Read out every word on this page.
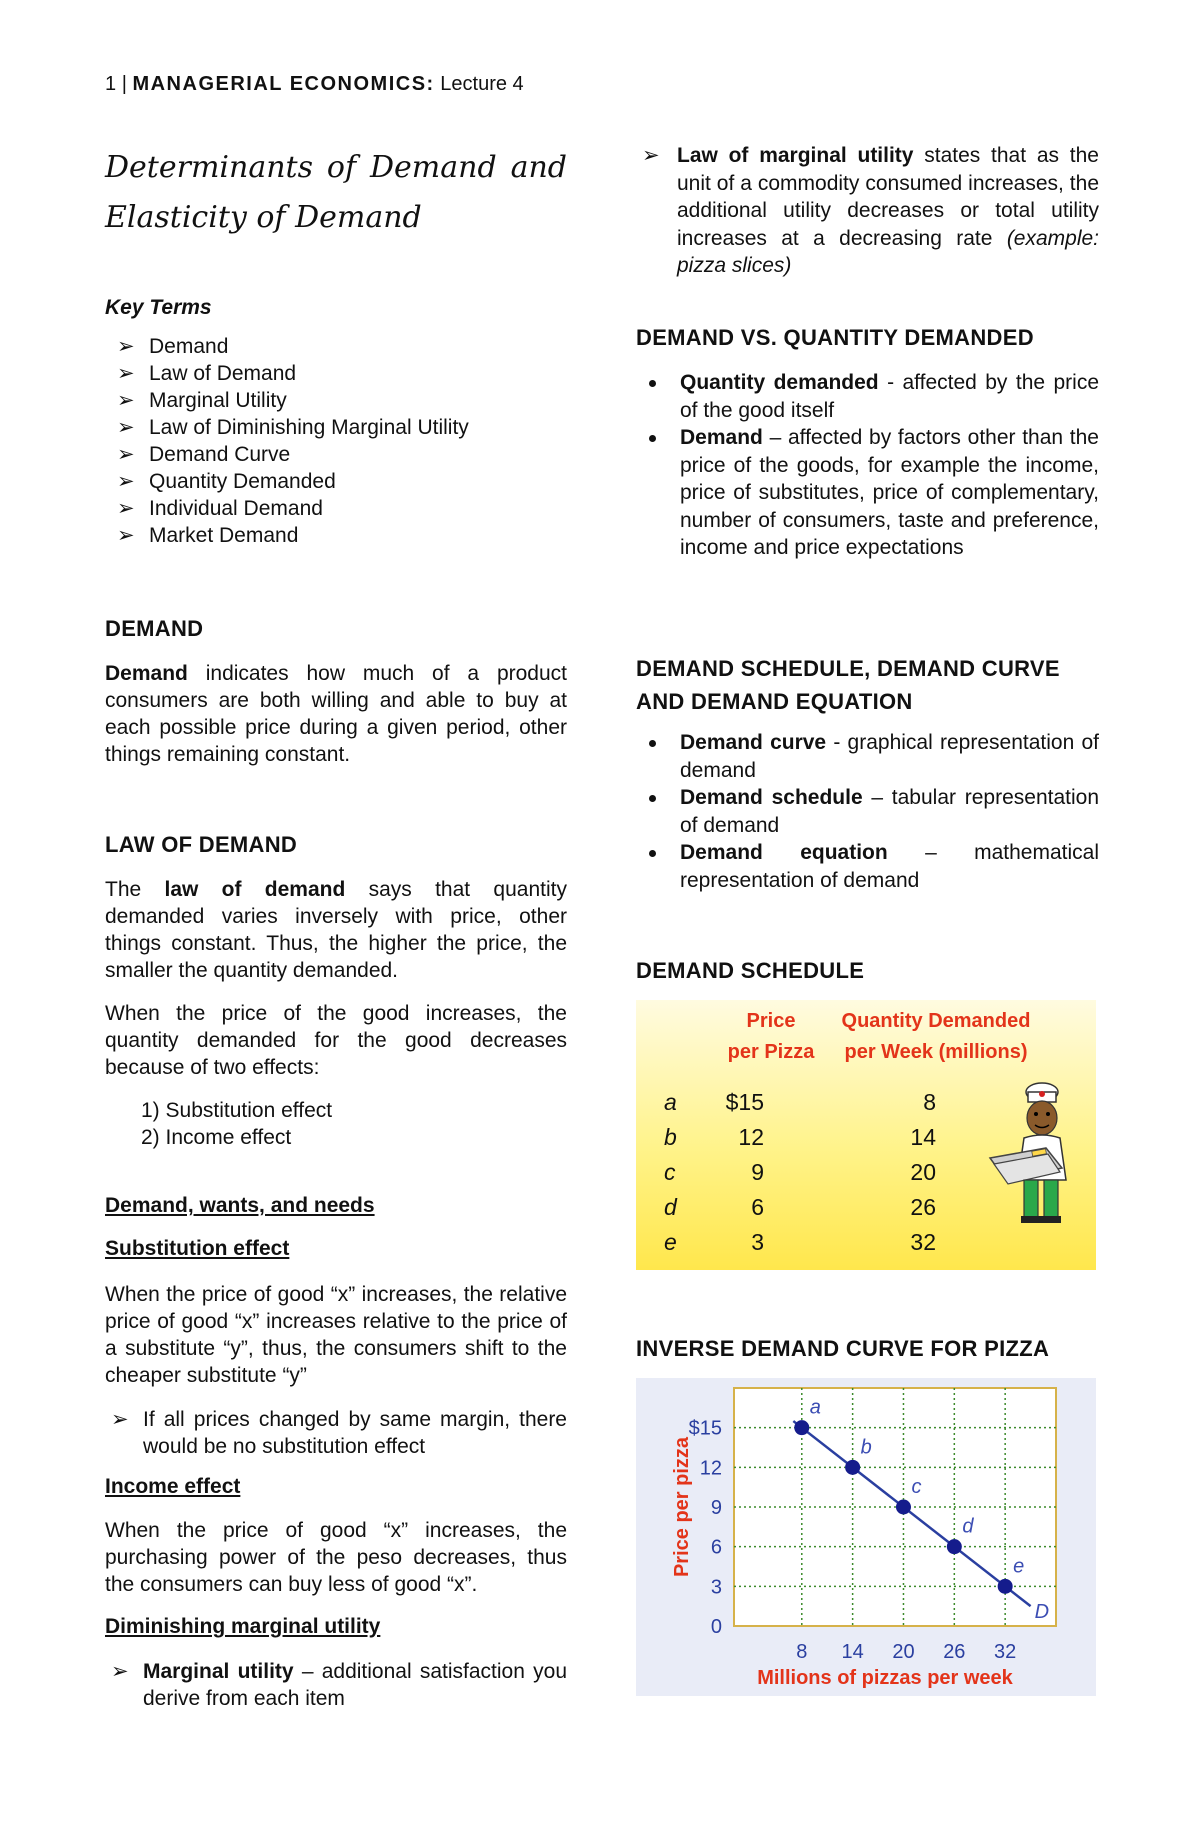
1 | MANAGERIAL ECONOMICS: Lecture 4
Determinants of Demand and
Elasticity of Demand
Key Terms
➢ Demand
➢ Law of Demand
➢ Marginal Utility
➢ Law of Diminishing Marginal Utility
➢ Demand Curve
➢ Quantity Demanded
➢ Individual Demand
➢ Market Demand
DEMAND
Demand indicates how much of a product consumers are both willing and able to buy at each possible price during a given period, other things remaining constant.
LAW OF DEMAND
The law of demand says that quantity demanded varies inversely with price, other things constant. Thus, the higher the price, the smaller the quantity demanded.
When the price of the good increases, the quantity demanded for the good decreases because of two effects:
1) Substitution effect
2) Income effect
Demand, wants, and needs
Substitution effect
When the price of good “x” increases, the relative price of good “x” increases relative to the price of a substitute “y”, thus, the consumers shift to the cheaper substitute “y”
➢ If all prices changed by same margin, there would be no substitution effect
Income effect
When the price of good “x” increases, the purchasing power of the peso decreases, thus the consumers can buy less of good “x”.
Diminishing marginal utility
➢ Marginal utility – additional satisfaction you derive from each item
➢ Law of marginal utility states that as the unit of a commodity consumed increases, the additional utility decreases or total utility increases at a decreasing rate (example: pizza slices)
DEMAND VS. QUANTITY DEMANDED
Quantity demanded - affected by the price of the good itself
Demand – affected by factors other than the price of the goods, for example the income, price of substitutes, price of complementary, number of consumers, taste and preference, income and price expectations
DEMAND SCHEDULE, DEMAND CURVE
AND DEMAND EQUATION
Demand curve - graphical representation of demand
Demand schedule – tabular representation of demand
Demand equation – mathematical representation of demand
DEMAND SCHEDULE
Price
per Pizza
Quantity Demanded
per Week (millions)
a $15	8
b	12	14
c	9	20
d	6	26
e	3	32
INVERSE DEMAND CURVE FOR PIZZA
0
3
6
9
12
$15
8 14 20 26 32
a
b
c
d
e
D
Millions of pizzas per week
Price per pizza
